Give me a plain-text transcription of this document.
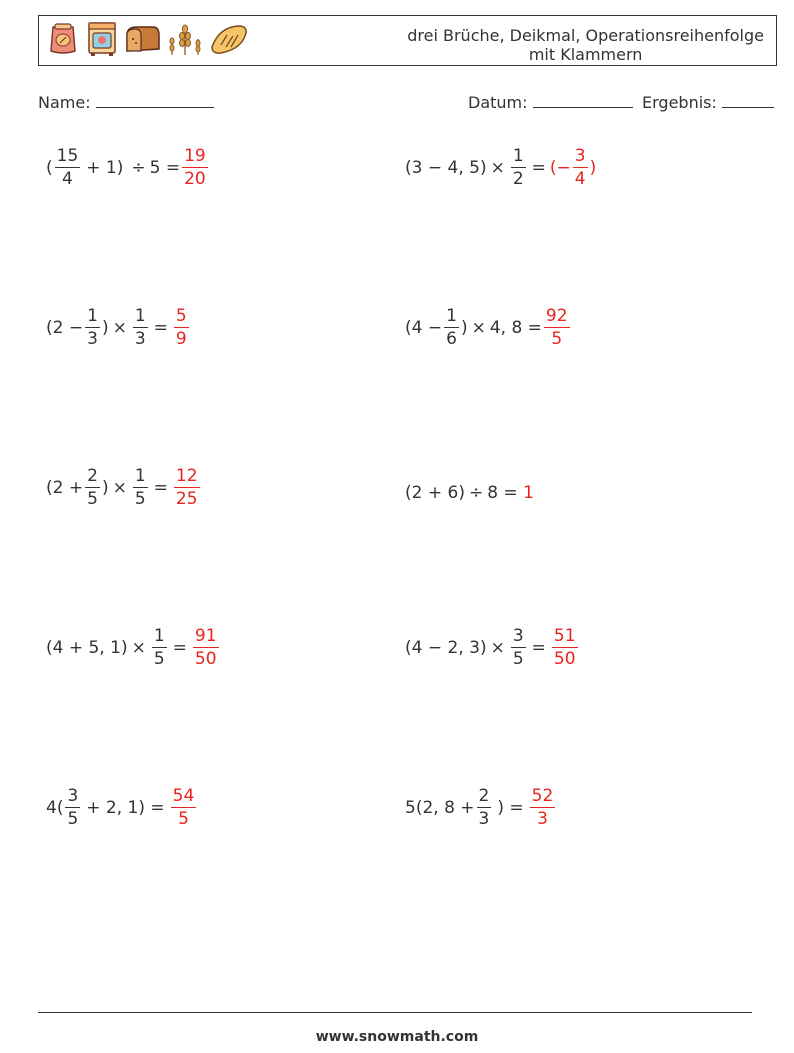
drei Brüche, Deikmal, Operationsreihenfolge
mit Klammern
Name:	Datum:	Ergebnis:
( $\frac{15}{4} + 1) \div 5 = \frac{19}{20}$	(3 − 4, $5) \times \frac{1}{2}$ = (− $\frac{3}{4}$ )
($2 - \frac{1}{3}$ ) × $\frac{1}{3} = \frac{5}{9}$	($4 - \frac{1}{6}$ ) × 4, $8 = \frac{92}{5}$
($2 + \frac{2}{5}$ ) × $\frac{1}{5} = \frac{12}{25}$	(2 + 6) ÷ 8 = 1
(4 + 5, $1) \times \frac{1}{5} = \frac{91}{50}$	(4 − 2, $3) \times \frac{3}{5} = \frac{51}{50}$
$4( \frac{3}{5} + 2$, $1) = \frac{54}{5}$	5(2, $8 + \frac{2}{3}$ ) = $\frac{52}{3}$
www.snowmath.com
